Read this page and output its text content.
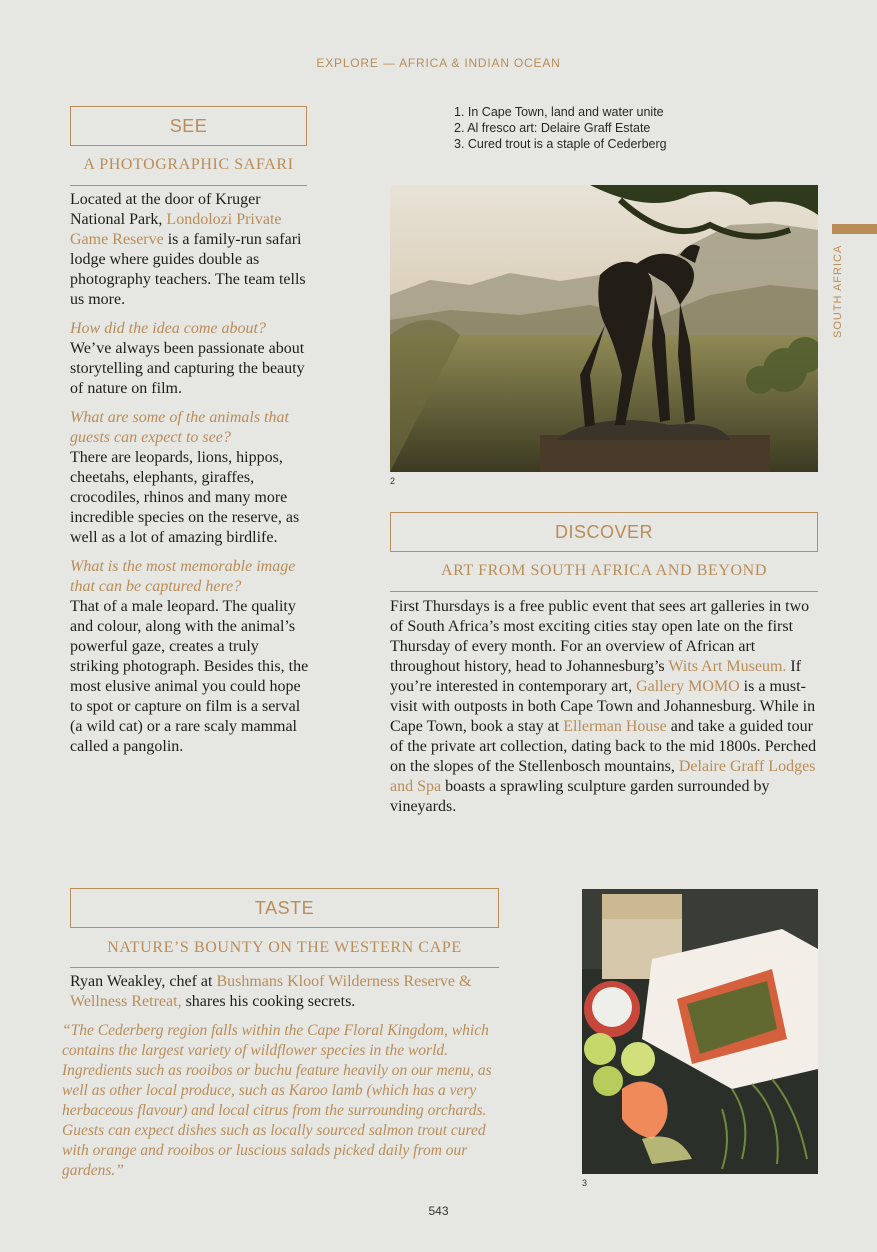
EXPLORE — AFRICA & INDIAN OCEAN
SOUTH AFRICA
SEE
A PHOTOGRAPHIC SAFARI

Located at the door of Kruger National Park, Londolozi Private Game Reserve is a family-run safari lodge where guides double as photography teachers. The team tells us more.

How did the idea come about?

We’ve always been passionate about storytelling and capturing the beauty of nature on film.

What are some of the animals that guests can expect to see?

There are leopards, lions, hippos, cheetahs, elephants, giraffes, crocodiles, rhinos and many more incredible species on the reserve, as well as a lot of amazing birdlife.

What is the most memorable image that can be captured here?

That of a male leopard. The quality and colour, along with the animal’s powerful gaze, creates a truly striking photograph. Besides this, the most elusive animal you could hope to spot or capture on film is a serval (a wild cat) or a rare scaly mammal called a pangolin.

1. In Cape Town, land and water unite
2. Al fresco art: Delaire Graff Estate
3. Cured trout is a staple of Cederberg
2
DISCOVER
ART FROM SOUTH AFRICA AND BEYOND

First Thursdays is a free public event that sees art galleries in two of South Africa’s most exciting cities stay open late on the first Thursday of every month. For an overview of African art throughout history, head to Johannesburg’s Wits Art Museum. If you’re interested in contemporary art, Gallery MOMO is a must-visit with outposts in both Cape Town and Johannesburg. While in Cape Town, book a stay at Ellerman House and take a guided tour of the private art collection, dating back to the mid 1800s. Perched on the slopes of the Stellenbosch mountains, Delaire Graff Lodges and Spa boasts a sprawling sculpture garden surrounded by vineyards.

TASTE
NATURE’S BOUNTY ON THE WESTERN CAPE

Ryan Weakley, chef at Bushmans Kloof Wilderness Reserve & Wellness Retreat, shares his cooking secrets.

“The Cederberg region falls within the Cape Floral Kingdom, which contains the largest variety of wildflower species in the world. Ingredients such as rooibos or buchu feature heavily on our menu, as well as other local produce, such as Karoo lamb (which has a very herbaceous flavour) and local citrus from the surrounding orchards. Guests can expect dishes such as locally sourced salmon trout cured with orange and rooibos or luscious salads picked daily from our gardens.”
3
543
